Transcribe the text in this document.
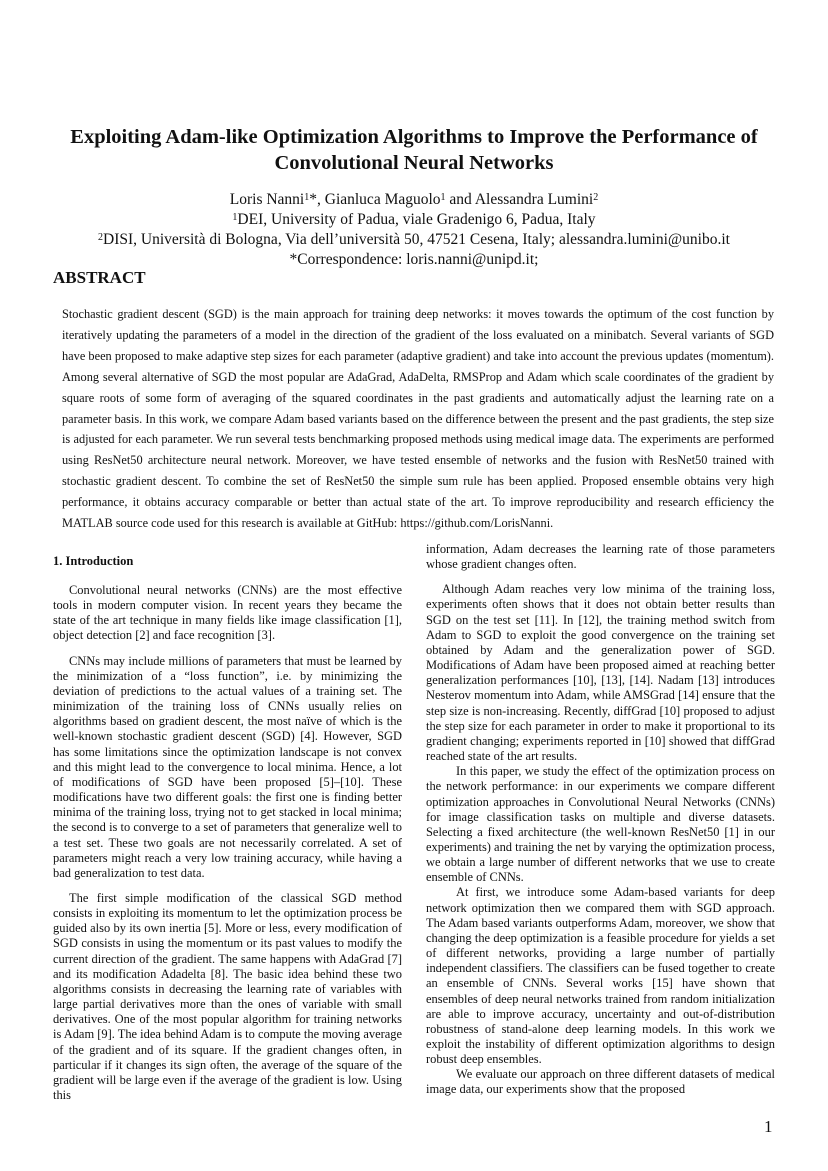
Exploiting Adam-like Optimization Algorithms to Improve the Performance of
Convolutional Neural Networks
Loris Nanni$^1$*, Gianluca Maguolo$^1$ and Alessandra Lumini$^2$
$^1$DEI, University of Padua, viale Gradenigo 6, Padua, Italy
$^2$DISI, Università di Bologna, Via dell’università 50, 47521 Cesena, Italy; alessandra.lumini@unibo.it
*Correspondence: loris.nanni@unipd.it;
ABSTRACT
Stochastic gradient descent (SGD) is the main approach for training deep networks: it moves towards the optimum of the cost function by iteratively updating the parameters of a model in the direction of the gradient of the loss evaluated on a minibatch. Several variants of SGD have been proposed to make adaptive step sizes for each parameter (adaptive gradient) and take into account the previous updates (momentum). Among several alternative of SGD the most popular are AdaGrad, AdaDelta, RMSProp and Adam which scale coordinates of the gradient by square roots of some form of averaging of the squared coordinates in the past gradients and automatically adjust the learning rate on a parameter basis. In this work, we compare Adam based variants based on the difference between the present and the past gradients, the step size is adjusted for each parameter. We run several tests benchmarking proposed methods using medical image data. The experiments are performed using ResNet50 architecture neural network. Moreover, we have tested ensemble of networks and the fusion with ResNet50 trained with stochastic gradient descent. To combine the set of ResNet50 the simple sum rule has been applied. Proposed ensemble obtains very high performance, it obtains accuracy comparable or better than actual state of the art. To improve reproducibility and research efficiency the MATLAB source code used for this research is available at GitHub: https://github.com/LorisNanni.
1. Introduction

Convolutional neural networks (CNNs) are the most effective tools in modern computer vision. In recent years they became the state of the art technique in many fields like image classification [1], object detection [2] and face recognition [3].

CNNs may include millions of parameters that must be learned by the minimization of a “loss function”, i.e. by minimizing the deviation of predictions to the actual values of a training set. The minimization of the training loss of CNNs usually relies on algorithms based on gradient descent, the most naïve of which is the well-known stochastic gradient descent (SGD) [4]. However, SGD has some limitations since the optimization landscape is not convex and this might lead to the convergence to local minima. Hence, a lot of modifications of SGD have been proposed [5]–[10]. These modifications have two different goals: the first one is finding better minima of the training loss, trying not to get stacked in local minima; the second is to converge to a set of parameters that generalize well to a test set. These two goals are not necessarily correlated. A set of parameters might reach a very low training accuracy, while having a bad generalization to test data.

The first simple modification of the classical SGD method consists in exploiting its momentum to let the optimization process be guided also by its own inertia [5]. More or less, every modification of SGD consists in using the momentum or its past values to modify the current direction of the gradient. The same happens with AdaGrad [7] and its modification Adadelta [8]. The basic idea behind these two algorithms consists in decreasing the learning rate of variables with large partial derivatives more than the ones of variable with small derivatives. One of the most popular algorithm for training networks is Adam [9]. The idea behind Adam is to compute the moving average of the gradient and of its square. If the gradient changes often, in particular if it changes its sign often, the average of the square of the gradient will be large even if the average of the gradient is low. Using this

information, Adam decreases the learning rate of those parameters whose gradient changes often.

Although Adam reaches very low minima of the training loss, experiments often shows that it does not obtain better results than SGD on the test set [11]. In [12], the training method switch from Adam to SGD to exploit the good convergence on the training set obtained by Adam and the generalization power of SGD. Modifications of Adam have been proposed aimed at reaching better generalization performances [10], [13], [14]. Nadam [13] introduces Nesterov momentum into Adam, while AMSGrad [14] ensure that the step size is non-increasing. Recently, diffGrad [10] proposed to adjust the step size for each parameter in order to make it proportional to its gradient changing; experiments reported in [10] showed that diffGrad reached state of the art results.

In this paper, we study the effect of the optimization process on the network performance: in our experiments we compare different optimization approaches in Convolutional Neural Networks (CNNs) for image classification tasks on multiple and diverse datasets. Selecting a fixed architecture (the well-known ResNet50 [1] in our experiments) and training the net by varying the optimization process, we obtain a large number of different networks that we use to create ensemble of CNNs.

At first, we introduce some Adam-based variants for deep network optimization then we compared them with SGD approach. The Adam based variants outperforms Adam, moreover, we show that changing the deep optimization is a feasible procedure for yields a set of different networks, providing a large number of partially independent classifiers. The classifiers can be fused together to create an ensemble of CNNs. Several works [15] have shown that ensembles of deep neural networks trained from random initialization are able to improve accuracy, uncertainty and out-of-distribution robustness of stand-alone deep learning models. In this work we exploit the instability of different optimization algorithms to design robust deep ensembles.

We evaluate our approach on three different datasets of medical image data, our experiments show that the proposed

1
